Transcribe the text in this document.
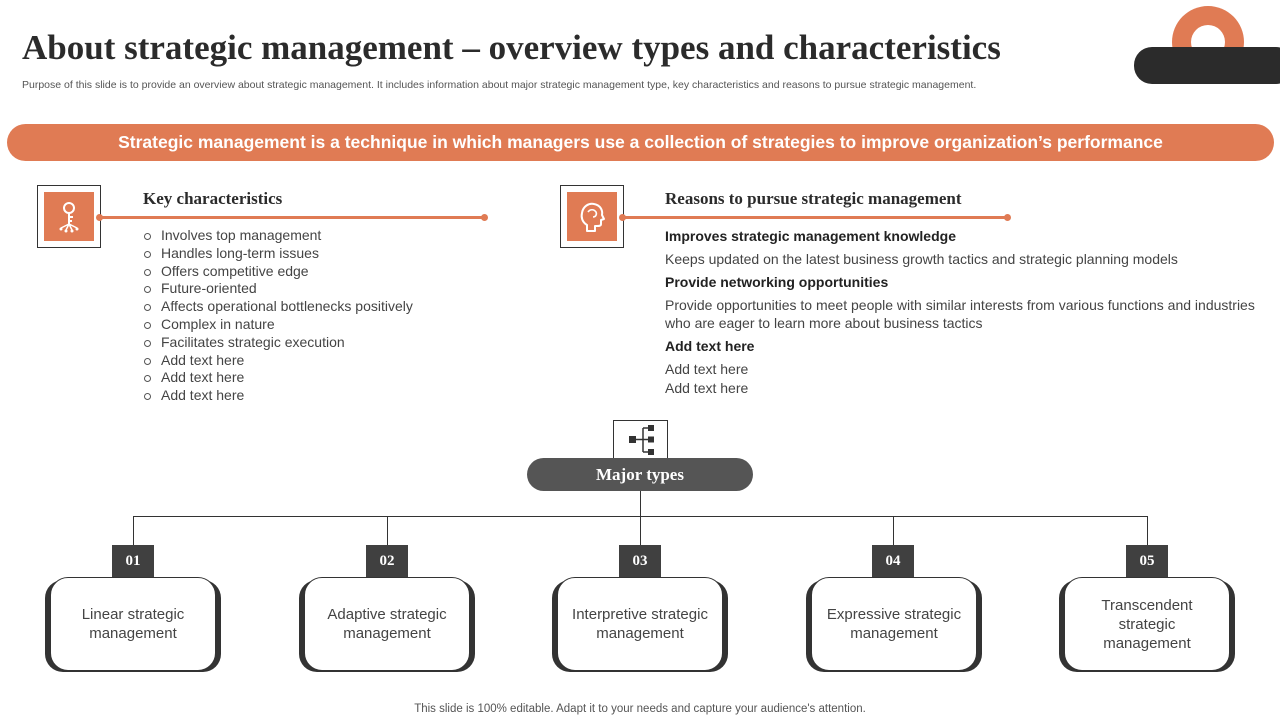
About strategic management – overview types and characteristics
Purpose of this slide is to provide an overview about strategic management. It includes information about major strategic management type, key characteristics and reasons to pursue strategic management.
Strategic management is a technique in which managers use a collection of strategies to improve organization’s performance
Key characteristics
Involves top management
Handles long-term issues
Offers competitive edge
Future-oriented
Affects operational bottlenecks positively
Complex in nature
Facilitates strategic execution
Add text here
Add text here
Add text here
Reasons to pursue strategic management
Improves strategic management knowledge
Keeps updated on the latest business growth tactics and strategic planning models
Provide networking opportunities
Provide opportunities to meet people with similar interests from various functions and industries who are eager to learn more about business tactics
Add text here
Add text here
Add text here
Major types
Linear strategic management
01
Adaptive strategic management
02
Interpretive strategic management
03
Expressive strategic management
04
Transcendent strategic management
05
This slide is 100% editable. Adapt it to your needs and capture your audience's attention.
